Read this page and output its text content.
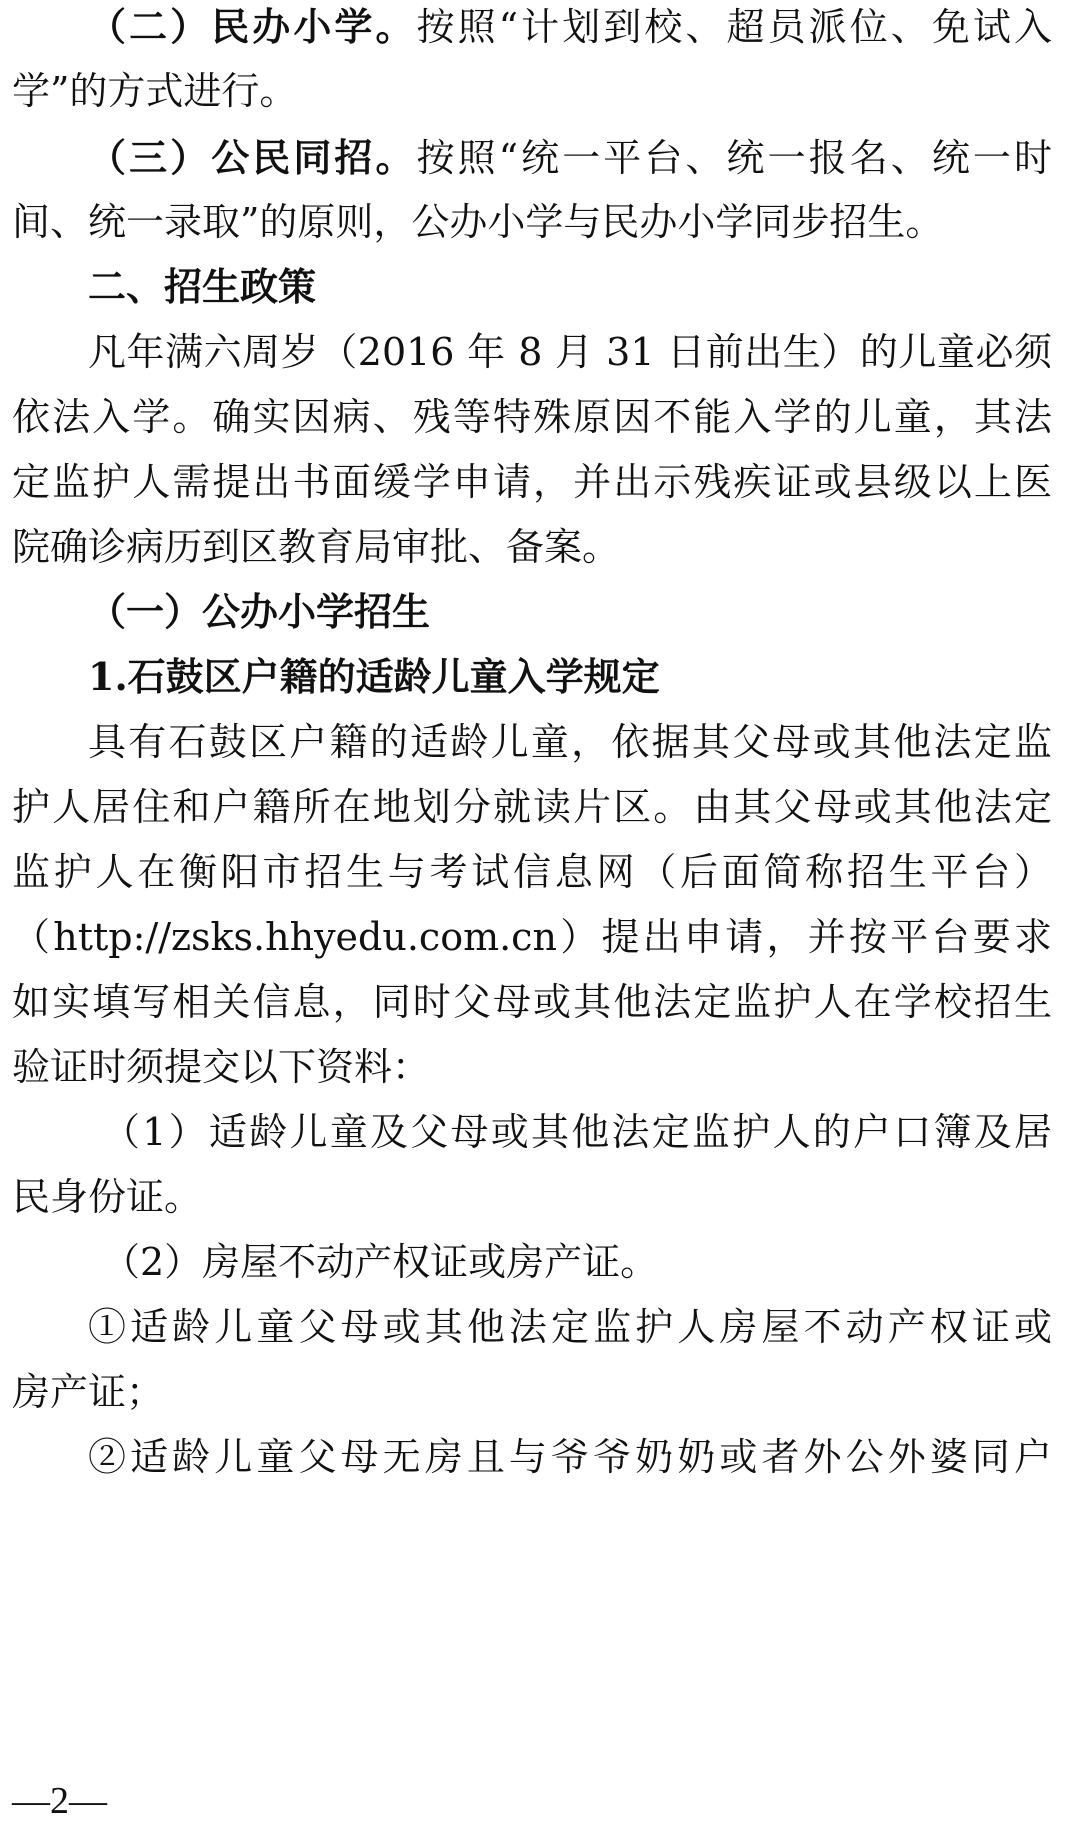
（二）民办小学。按照“计划到校、超员派位、免试入
学”的方式进行。
（三）公民同招。按照“统一平台、统一报名、统一时
间、统一录取”的原则，公办小学与民办小学同步招生。
二、招生政策
凡年满六周岁（2016 年 8 月 31 日前出生）的儿童必须
依法入学。确实因病、残等特殊原因不能入学的儿童，其法
定监护人需提出书面缓学申请，并出示残疾证或县级以上医
院确诊病历到区教育局审批、备案。
（一）公办小学招生
1.石鼓区户籍的适龄儿童入学规定
具有石鼓区户籍的适龄儿童，依据其父母或其他法定监
护人居住和户籍所在地划分就读片区。由其父母或其他法定
监护人在衡阳市招生与考试信息网（后面简称招生平台）
（http://zsks.hhyedu.com.cn）提出申请，并按平台要求
如实填写相关信息，同时父母或其他法定监护人在学校招生
验证时须提交以下资料：
（1）适龄儿童及父母或其他法定监护人的户口簿及居
民身份证。
（2）房屋不动产权证或房产证。
①适龄儿童父母或其他法定监护人房屋不动产权证或
房产证；
②适龄儿童父母无房且与爷爷奶奶或者外公外婆同户
—2—
